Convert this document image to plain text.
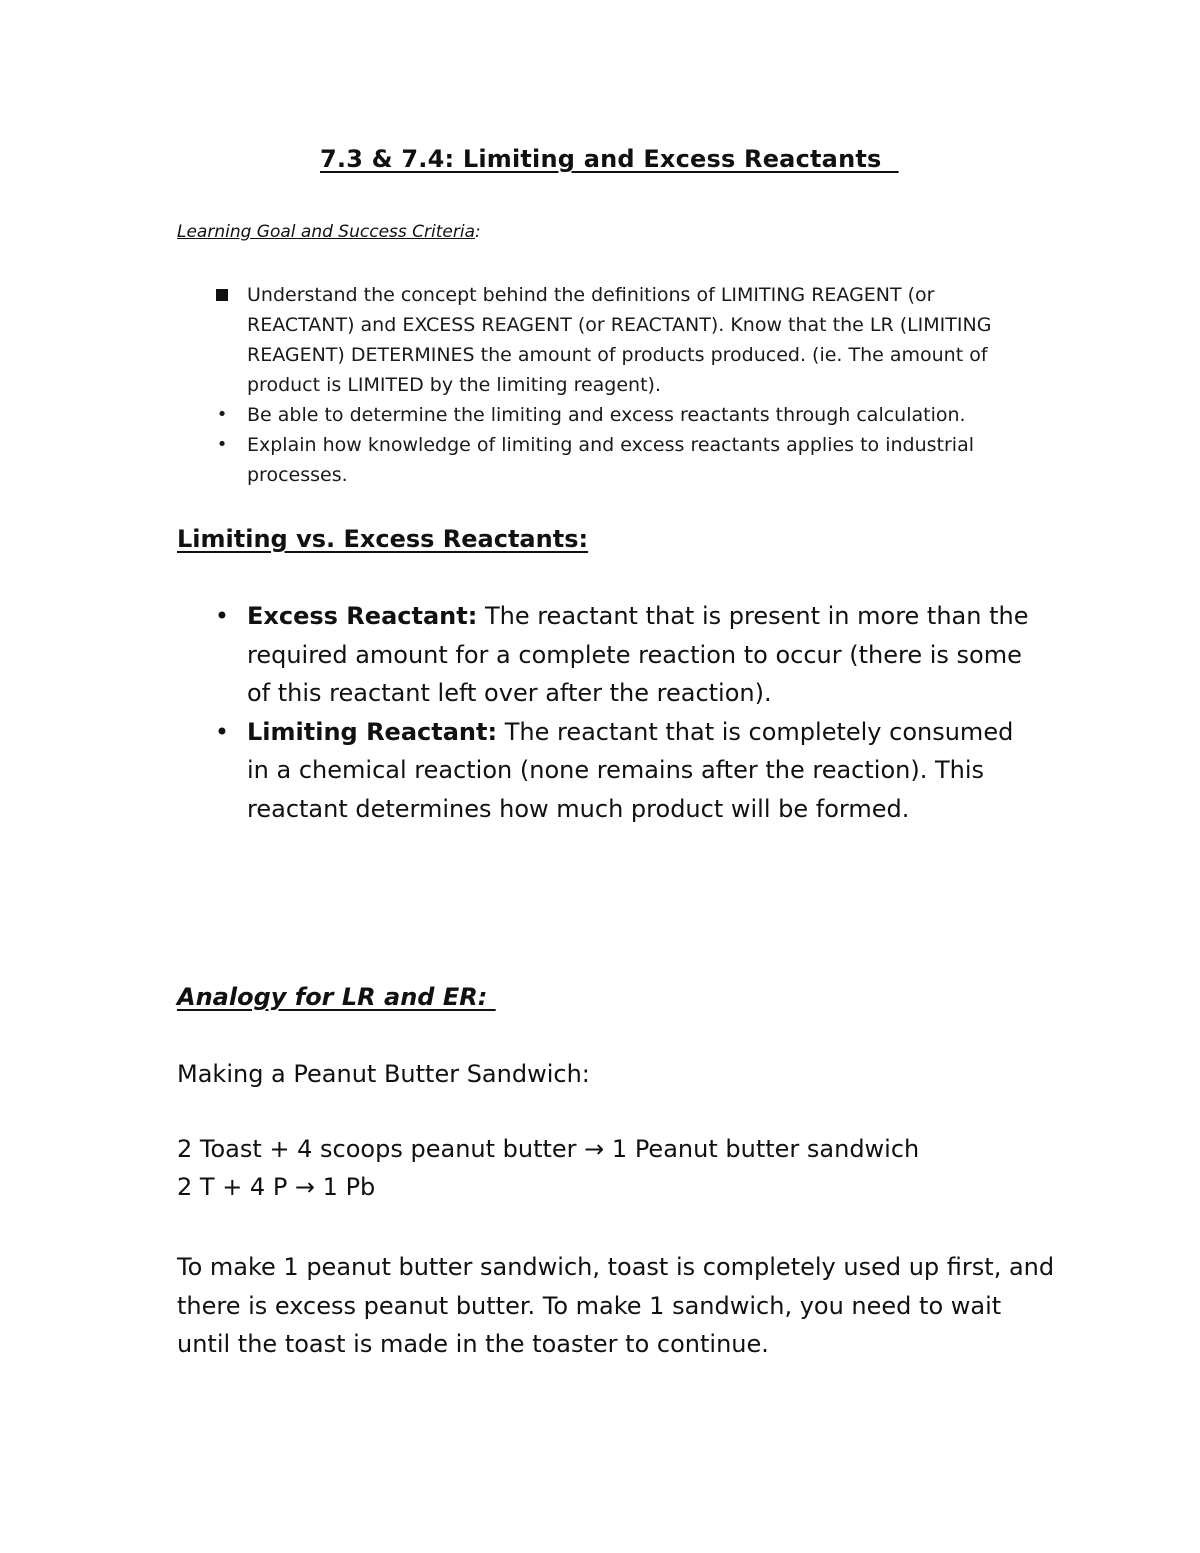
7.3 & 7.4: Limiting and Excess Reactants
Learning Goal and Success Criteria:
Understand the concept behind the definitions of LIMITING REAGENT (or REACTANT) and EXCESS REAGENT (or REACTANT). Know that the LR (LIMITING REAGENT) DETERMINES the amount of products produced. (ie. The amount of product is LIMITED by the limiting reagent).
• Be able to determine the limiting and excess reactants through calculation.
• Explain how knowledge of limiting and excess reactants applies to industrial processes.
Limiting vs. Excess Reactants:
• Excess Reactant: The reactant that is present in more than the required amount for a complete reaction to occur (there is some of this reactant left over after the reaction).
• Limiting Reactant: The reactant that is completely consumed in a chemical reaction (none remains after the reaction). This reactant determines how much product will be formed.
Analogy for LR and ER:
Making a Peanut Butter Sandwich:
2 Toast + 4 scoops peanut butter → 1 Peanut butter sandwich
2 T + 4 P → 1 Pb
To make 1 peanut butter sandwich, toast is completely used up first, and there is excess peanut butter. To make 1 sandwich, you need to wait until the toast is made in the toaster to continue.
